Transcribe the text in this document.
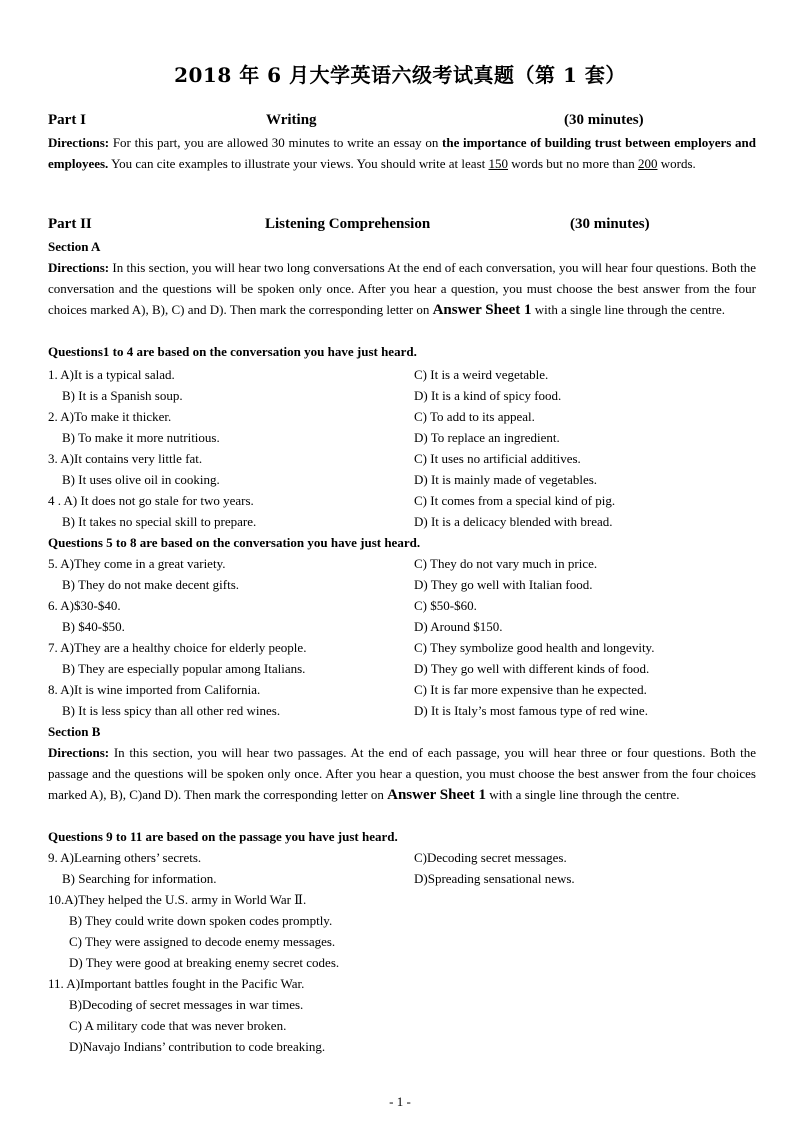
2018 年 6 月大学英语六级考试真题（第 1 套）
Part I	Writing	(30 minutes)
Directions: For this part, you are allowed 30 minutes to write an essay on the importance of building trust between employers and employees. You can cite examples to illustrate your views. You should write at least 150 words but no more than 200 words.
Part II	Listening Comprehension	(30 minutes)
Section A
Directions: In this section, you will hear two long conversations At the end of each conversation, you will hear four questions. Both the conversation and the questions will be spoken only once. After you hear a question, you must choose the best answer from the four choices marked A), B), C) and D). Then mark the corresponding letter on Answer Sheet 1 with a single line through the centre.
Questions1 to 4 are based on the conversation you have just heard.
1. A)It is a typical salad.	C) It is a weird vegetable.
B) It is a Spanish soup.	D) It is a kind of spicy food.
2. A)To make it thicker.	C) To add to its appeal.
B) To make it more nutritious.	D) To replace an ingredient.
3. A)It contains very little fat.	C) It uses no artificial additives.
B) It uses olive oil in cooking.	D) It is mainly made of vegetables.
4 . A) It does not go stale for two years.	C) It comes from a special kind of pig.
B) It takes no special skill to prepare.	D) It is a delicacy blended with bread.
Questions 5 to 8 are based on the conversation you have just heard.
5. A)They come in a great variety.	C) They do not vary much in price.
B) They do not make decent gifts.	D) They go well with Italian food.
6. A)$30-$40.	C) $50-$60.
B) $40-$50.	D) Around $150.
7. A)They are a healthy choice for elderly people.	C) They symbolize good health and longevity.
B) They are especially popular among Italians.	D) They go well with different kinds of food.
8. A)It is wine imported from California.	C) It is far more expensive than he expected.
B) It is less spicy than all other red wines.	D) It is Italy’s most famous type of red wine.
Section B
Directions: In this section, you will hear two passages. At the end of each passage, you will hear three or four questions. Both the passage and the questions will be spoken only once. After you hear a question, you must choose the best answer from the four choices marked A), B), C)and D). Then mark the corresponding letter on Answer Sheet 1 with a single line through the centre.
Questions 9 to 11 are based on the passage you have just heard.
9. A)Learning others’ secrets.	C)Decoding secret messages.
B) Searching for information.	D)Spreading sensational news.
10.A)They helped the U.S. army in World War Ⅱ.
B) They could write down spoken codes promptly.
C) They were assigned to decode enemy messages.
D) They were good at breaking enemy secret codes.
11. A)Important battles fought in the Pacific War.
B)Decoding of secret messages in war times.
C) A military code that was never broken.
D)Navajo Indians’ contribution to code breaking.
- 1 -
